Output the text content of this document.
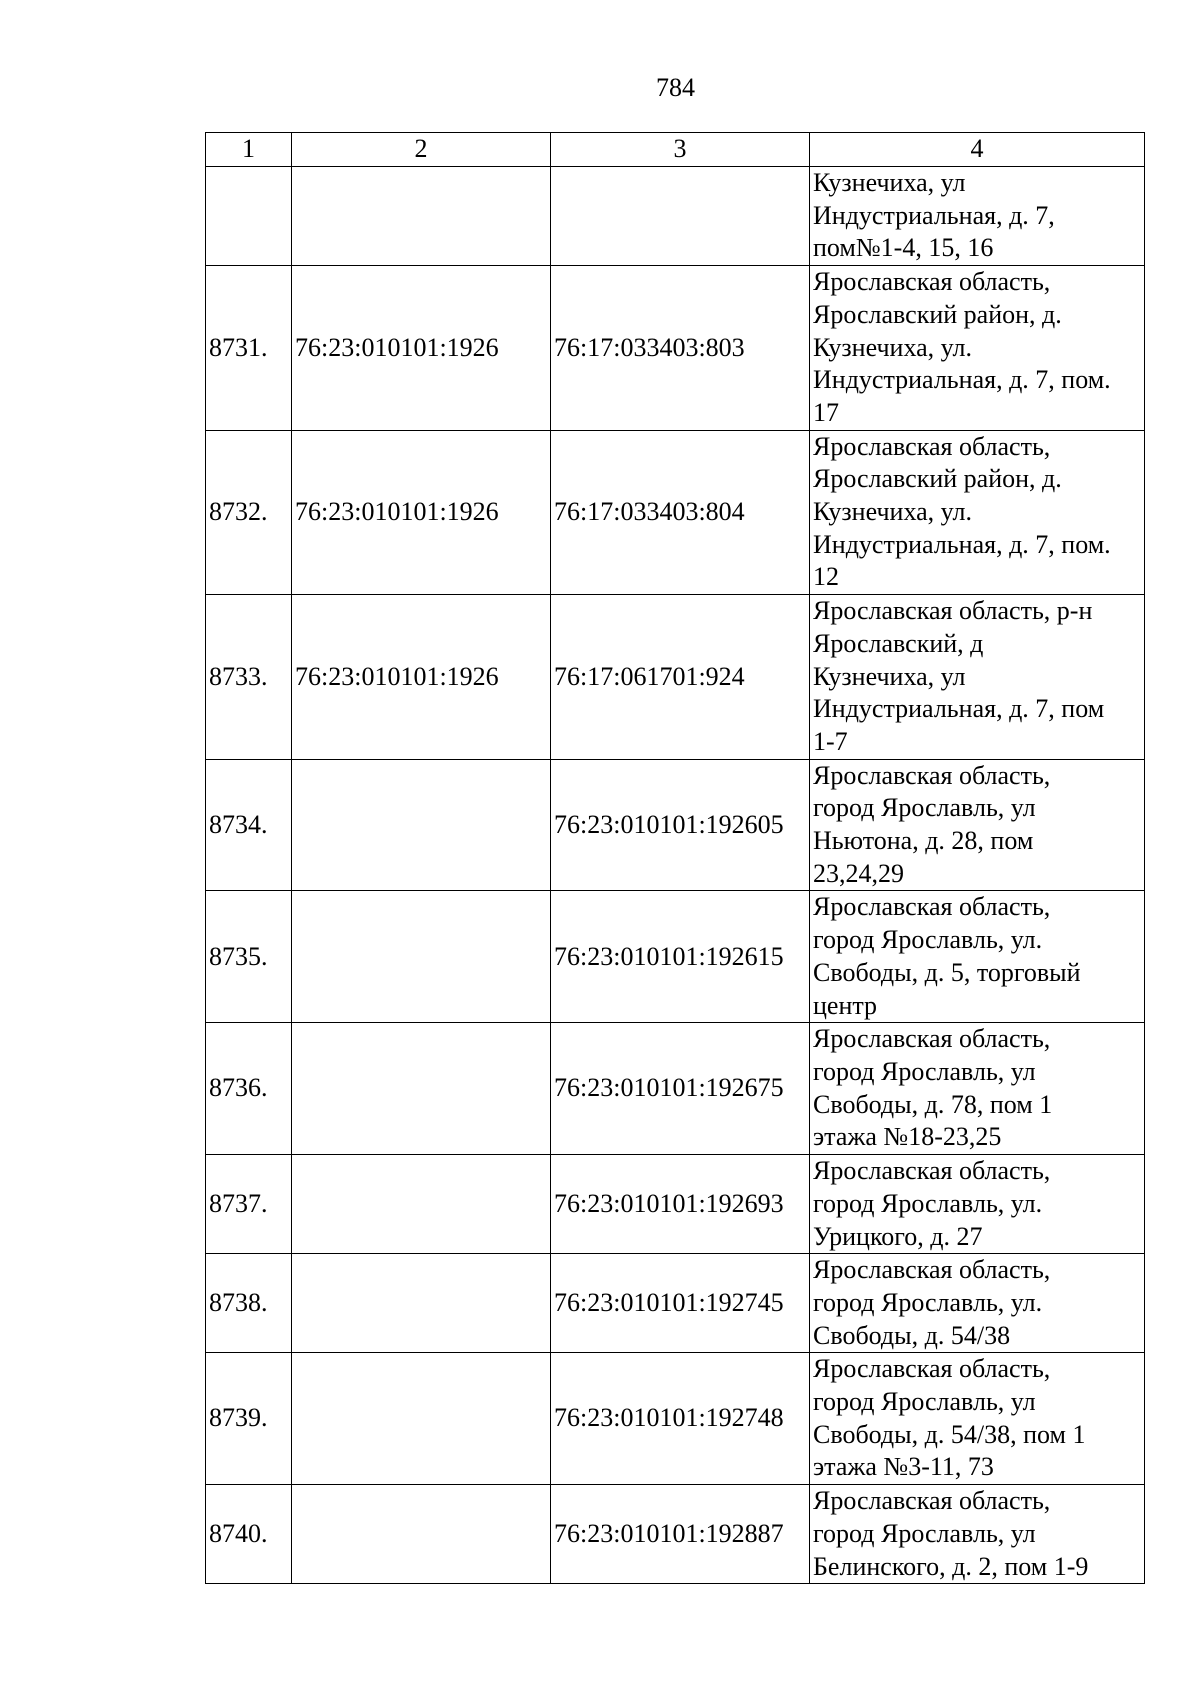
784
1	2	3	4

			Кузнечиха, ул
Индустриальная, д. 7,
пом№1-4, 15, 16

8731.	76:23:010101:1926	76:17:033403:803	Ярославская область,
Ярославский район, д.
Кузнечиха, ул.
Индустриальная, д. 7, пом.
17

8732.	76:23:010101:1926	76:17:033403:804	Ярославская область,
Ярославский район, д.
Кузнечиха, ул.
Индустриальная, д. 7, пом.
12

8733.	76:23:010101:1926	76:17:061701:924	Ярославская область, р-н
Ярославский, д
Кузнечиха, ул
Индустриальная, д. 7, пом
1-7

8734.		76:23:010101:192605	Ярославская область,
город Ярославль, ул
Ньютона, д. 28, пом
23,24,29

8735.		76:23:010101:192615	Ярославская область,
город Ярославль, ул.
Свободы, д. 5, торговый
центр

8736.		76:23:010101:192675	Ярославская область,
город Ярославль, ул
Свободы, д. 78, пом 1
этажа №18-23,25

8737.		76:23:010101:192693	Ярославская область,
город Ярославль, ул.
Урицкого, д. 27

8738.		76:23:010101:192745	Ярославская область,
город Ярославль, ул.
Свободы, д. 54/38

8739.		76:23:010101:192748	Ярославская область,
город Ярославль, ул
Свободы, д. 54/38, пом 1
этажа №3-11, 73

8740.		76:23:010101:192887	Ярославская область,
город Ярославль, ул
Белинского, д. 2, пом 1-9
